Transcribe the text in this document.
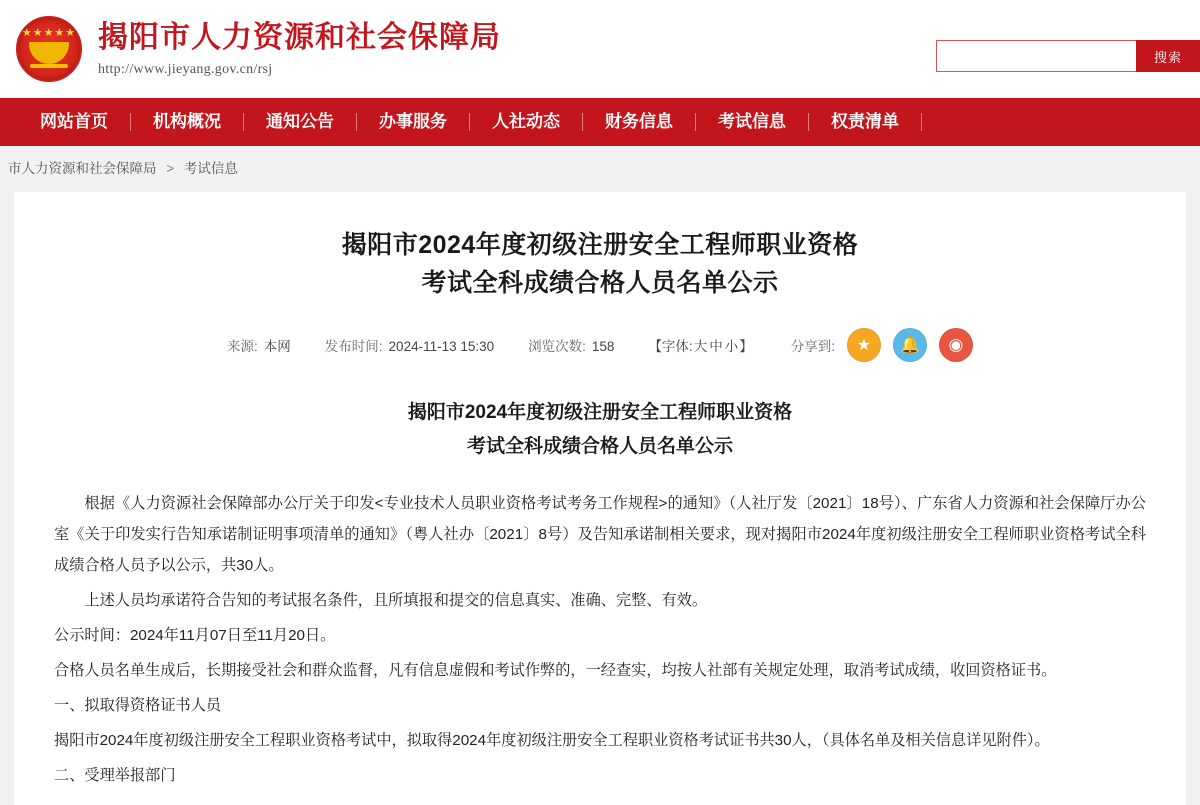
★★★★★ 揭阳市人力资源和社会保障局
http://www.jieyang.gov.cn/rsj
搜索
网站首页	机构概况	通知公告	办事服务	人社动态	财务信息	考试信息	权责清单
市人力资源和社会保障局 > 考试信息
揭阳市2024年度初级注册安全工程师职业资格
考试全科成绩合格人员名单公示
来源: 本网	发布时间: 2024-11-13 15:30	浏览次数: 158	【字体:大 中 小】	分享到:	★	🔔	◉
揭阳市2024年度初级注册安全工程师职业资格
考试全科成绩合格人员名单公示

根据《人力资源社会保障部办公厅关于印发<专业技术人员职业资格考试考务工作规程>的通知》（人社厅发〔2021〕18号）、广东省人力资源和社会保障厅办公室《关于印发实行告知承诺制证明事项清单的通知》（粤人社办〔2021〕8号）及告知承诺制相关要求，现对揭阳市2024年度初级注册安全工程师职业资格考试全科成绩合格人员予以公示，共30人。

上述人员均承诺符合告知的考试报名条件，且所填报和提交的信息真实、准确、完整、有效。

公示时间：2024年11月07日至11月20日。

合格人员名单生成后，长期接受社会和群众监督，凡有信息虚假和考试作弊的，一经查实，均按人社部有关规定处理，取消考试成绩，收回资格证书。

一、拟取得资格证书人员

揭阳市2024年度初级注册安全工程职业资格考试中，拟取得2024年度初级注册安全工程职业资格考试证书共30人，（具体名单及相关信息详见附件）。

二、受理举报部门
